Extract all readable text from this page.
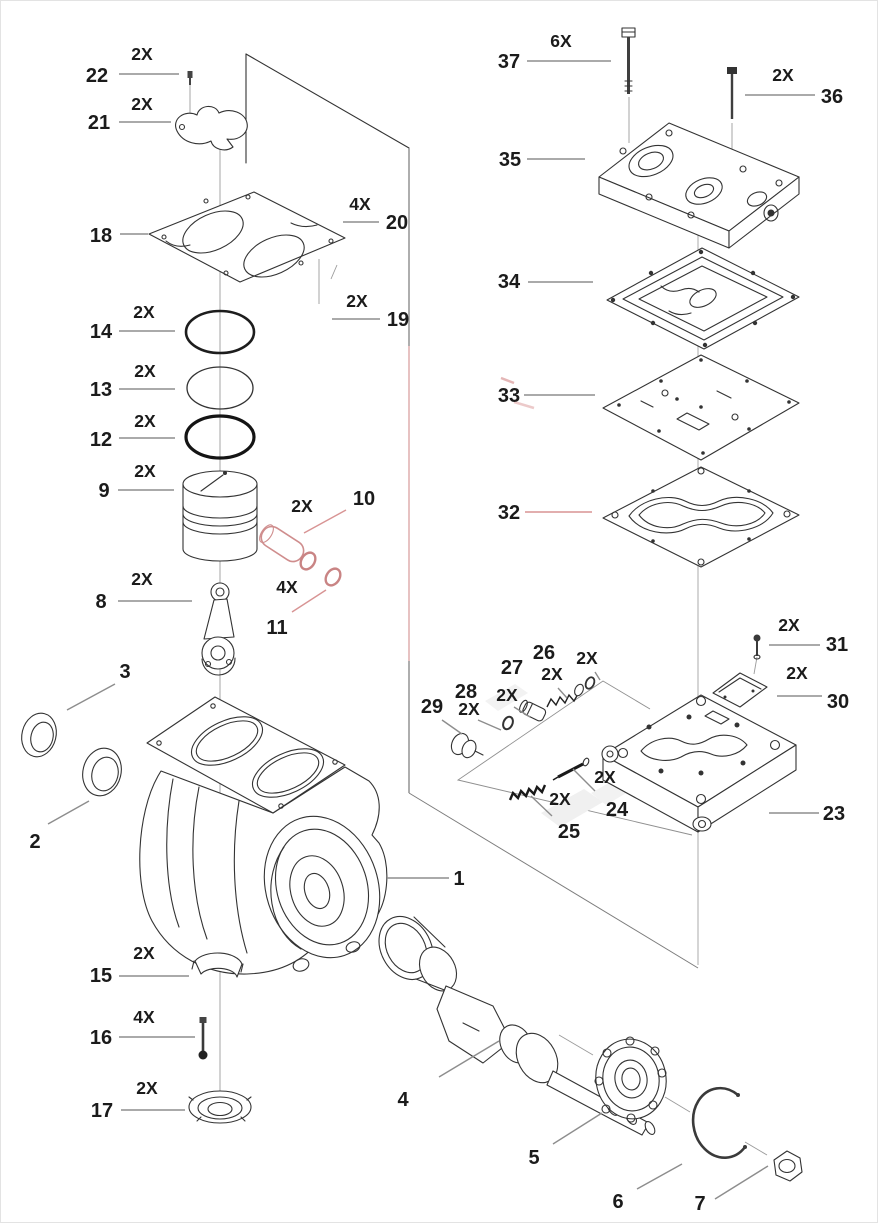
22
2X
21
2X
18
14
2X
13
2X
12
2X
9
2X
10
2X
11
4X
8
2X
20
4X
19
2X
3
2
1
15
2X
16
4X
17
2X
4
5
6	7
37
6X
36
2X
35
34
33
32
31
2X
30
2X
23
26
2X
2X
27
2X
28
2X
29
24
2X
25
2X
